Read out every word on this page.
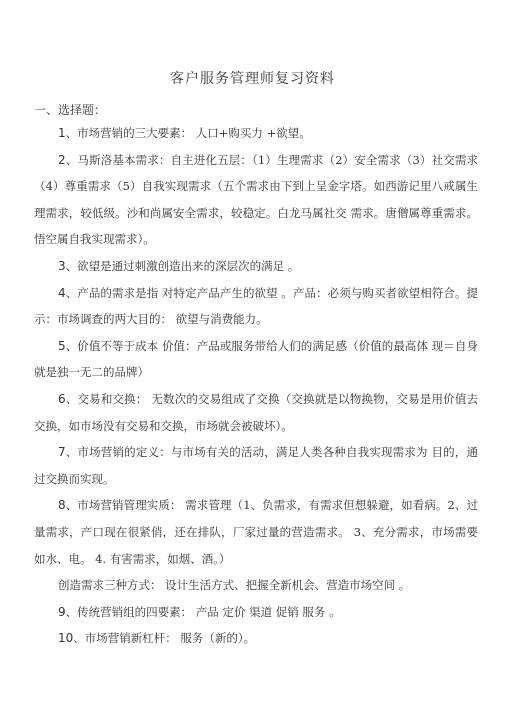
客户服务管理师复习资料
一、选择题：

1、市场营销的三大要素： 人口+购买力 +欲望。

2、马斯洛基本需求：自主进化五层：（1）生理需求（2）安全需求（3）社交需求（4）尊重需求（5）自我实现需求（五个需求由下到上呈金字塔。如西游记里八戒属生理需求，较低级。沙和尚属安全需求，较稳定。白龙马属社交 需求。唐僧属尊重需求。悟空属自我实现需求）。

3、欲望是通过刺激创造出来的深层次的满足 。

4、产品的需求是指 对特定产品产生的欲望 。产品：必须与购买者欲望相符合。提示：市场调查的两大目的： 欲望与消费能力。

5、价值不等于成本 价值：产品或服务带给人们的满足感（价值的最高体 现＝自身就是独一无二的品牌）

6、交易和交换： 无数次的交易组成了交换（交换就是以物换物，交易是用价值去交换，如市场没有交易和交换，市场就会被破坏）。

7、市场营销的定义：与市场有关的活动，满足人类各种自我实现需求为 目的，通过交换而实现。

8、市场营销管理实质： 需求管理（1、负需求，有需求但想躲避，如看病。2、过量需求，产口现在很紧俏，还在排队，厂家过量的营造需求。 3、充分需求，市场需要如水、电。 4. 有害需求，如烟、酒。）

创造需求三种方式： 设计生活方式、把握全新机会、营造市场空间 。

9、传统营销组的四要素： 产品 定价 渠道 促销 服务 。

10、市场营销新杠杆： 服务（新的）。
